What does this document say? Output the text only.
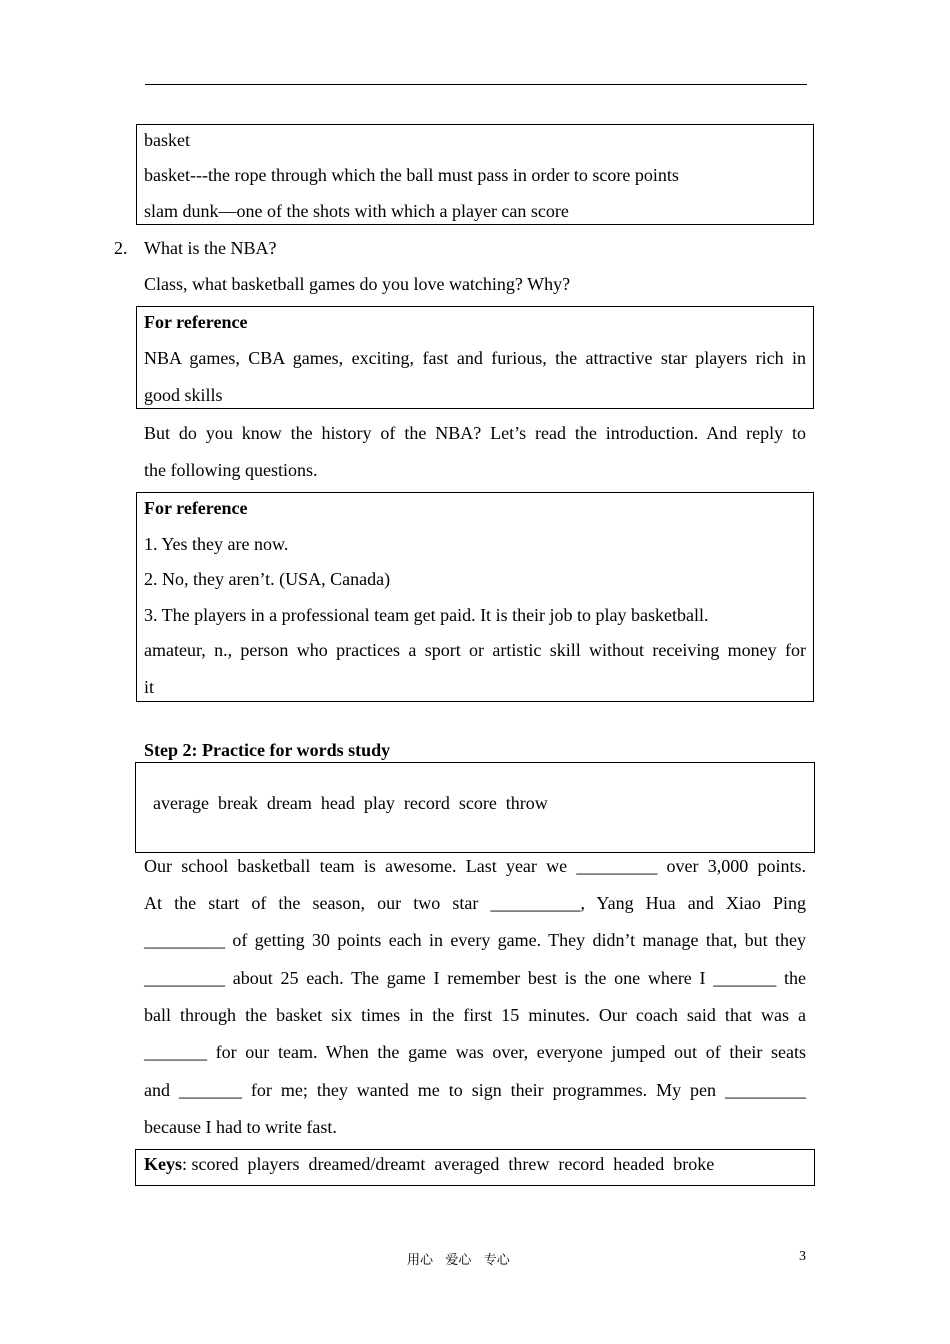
basket
basket---the rope through which the ball must pass in order to score points
slam dunk—one of the shots with which a player can score
2. What is the NBA?
Class, what basketball games do you love watching? Why?
For reference
NBA games, CBA games, exciting, fast and furious, the attractive star players rich in
good skills
But do you know the history of the NBA? Let’s read the introduction. And reply to
the following questions.
For reference
1. Yes they are now.
2. No, they aren’t. (USA, Canada)
3. The players in a professional team get paid. It is their job to play basketball.
amateur, n., person who practices a sport or artistic skill without receiving money for
it
Step 2: Practice for words study
average  break  dream  head  play  record  score  throw
Our school basketball team is awesome. Last year we _________ over 3,000 points.
At the start of the season, our two star __________, Yang Hua and Xiao Ping
_________ of getting 30 points each in every game. They didn’t manage that, but they
_________ about 25 each. The game I remember best is the one where I _______ the
ball through the basket six times in the first 15 minutes. Our coach said that was a
_______ for our team. When the game was over, everyone jumped out of their seats
and _______ for me; they wanted me to sign their programmes. My pen _________
because I had to write fast.
Keys: scored  players  dreamed/dreamt  averaged  threw  record  headed  broke
用心   爱心   专心	3
